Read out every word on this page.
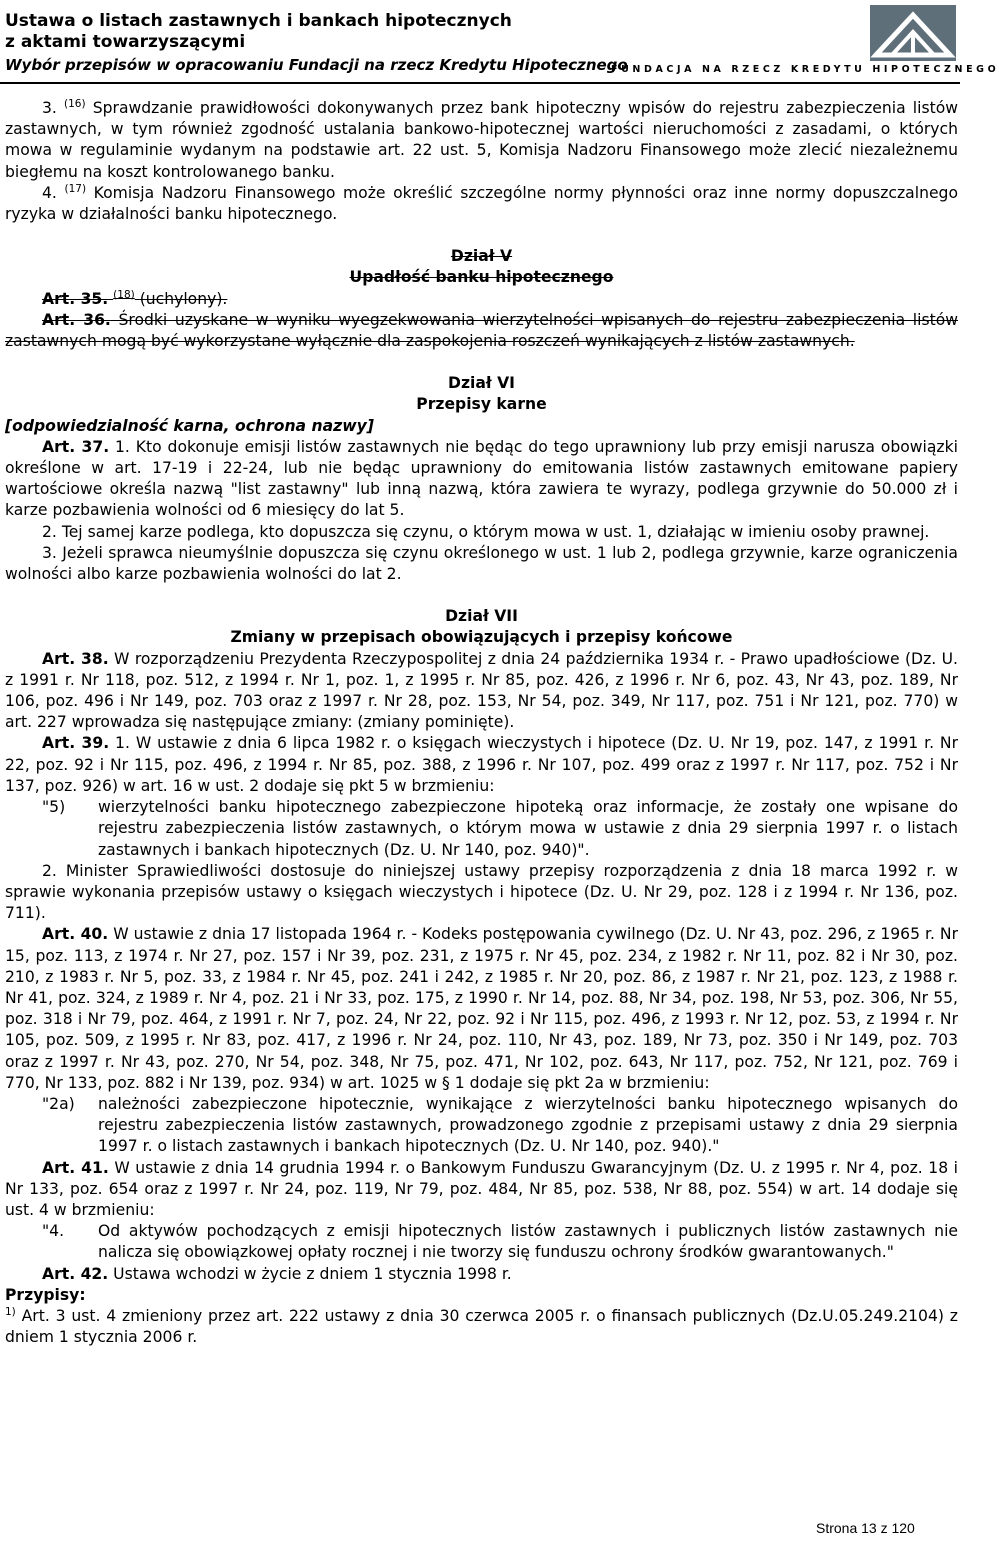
Ustawa o listach zastawnych i bankach hipotecznych
z aktami towarzyszącymi
Wybór przepisów w opracowaniu Fundacji na rzecz Kredytu Hipotecznego
FUNDACJA NA RZECZ KREDYTU HIPOTECZNEGO

3. $^{(16)}$ Sprawdzanie prawidłowości dokonywanych przez bank hipoteczny wpisów do rejestru zabezpieczenia listów zastawnych, w tym również zgodność ustalania bankowo-hipotecznej wartości nieruchomości z zasadami, o których mowa w regulaminie wydanym na podstawie art. 22 ust. 5, Komisja Nadzoru Finansowego może zlecić niezależnemu biegłemu na koszt kontrolowanego banku.

4. $^{(17)}$ Komisja Nadzoru Finansowego może określić szczególne normy płynności oraz inne normy dopuszczalnego ryzyka w działalności banku hipotecznego.

Dział V

Upadłość banku hipotecznego

Art. 35. $^{(18)}$ (uchylony).

Art. 36. Środki uzyskane w wyniku wyegzekwowania wierzytelności wpisanych do rejestru zabezpieczenia listów zastawnych mogą być wykorzystane wyłącznie dla zaspokojenia roszczeń wynikających z listów zastawnych.

Dział VI

Przepisy karne

[odpowiedzialność karna, ochrona nazwy]

Art. 37. 1. Kto dokonuje emisji listów zastawnych nie będąc do tego uprawniony lub przy emisji narusza obowiązki określone w art. 17-19 i 22-24, lub nie będąc uprawniony do emitowania listów zastawnych emitowane papiery wartościowe określa nazwą "list zastawny" lub inną nazwą, która zawiera te wyrazy, podlega grzywnie do 50.000 zł i karze pozbawienia wolności od 6 miesięcy do lat 5.

2. Tej samej karze podlega, kto dopuszcza się czynu, o którym mowa w ust. 1, działając w imieniu osoby prawnej.

3. Jeżeli sprawca nieumyślnie dopuszcza się czynu określonego w ust. 1 lub 2, podlega grzywnie, karze ograniczenia wolności albo karze pozbawienia wolności do lat 2.

Dział VII

Zmiany w przepisach obowiązujących i przepisy końcowe

Art. 38. W rozporządzeniu Prezydenta Rzeczypospolitej z dnia 24 października 1934 r. - Prawo upadłościowe (Dz. U. z 1991 r. Nr 118, poz. 512, z 1994 r. Nr 1, poz. 1, z 1995 r. Nr 85, poz. 426, z 1996 r. Nr 6, poz. 43, Nr 43, poz. 189, Nr 106, poz. 496 i Nr 149, poz. 703 oraz z 1997 r. Nr 28, poz. 153, Nr 54, poz. 349, Nr 117, poz. 751 i Nr 121, poz. 770) w art. 227 wprowadza się następujące zmiany: (zmiany pominięte).

Art. 39. 1. W ustawie z dnia 6 lipca 1982 r. o księgach wieczystych i hipotece (Dz. U. Nr 19, poz. 147, z 1991 r. Nr 22, poz. 92 i Nr 115, poz. 496, z 1994 r. Nr 85, poz. 388, z 1996 r. Nr 107, poz. 499 oraz z 1997 r. Nr 117, poz. 752 i Nr 137, poz. 926) w art. 16 w ust. 2 dodaje się pkt 5 w brzmieniu:

"5)	wierzytelności banku hipotecznego zabezpieczone hipoteką oraz informacje, że zostały one wpisane do rejestru zabezpieczenia listów zastawnych, o którym mowa w ustawie z dnia 29 sierpnia 1997 r. o listach zastawnych i bankach hipotecznych (Dz. U. Nr 140, poz. 940)".

2. Minister Sprawiedliwości dostosuje do niniejszej ustawy przepisy rozporządzenia z dnia 18 marca 1992 r. w sprawie wykonania przepisów ustawy o księgach wieczystych i hipotece (Dz. U. Nr 29, poz. 128 i z 1994 r. Nr 136, poz. 711).

Art. 40. W ustawie z dnia 17 listopada 1964 r. - Kodeks postępowania cywilnego (Dz. U. Nr 43, poz. 296, z 1965 r. Nr 15, poz. 113, z 1974 r. Nr 27, poz. 157 i Nr 39, poz. 231, z 1975 r. Nr 45, poz. 234, z 1982 r. Nr 11, poz. 82 i Nr 30, poz. 210, z 1983 r. Nr 5, poz. 33, z 1984 r. Nr 45, poz. 241 i 242, z 1985 r. Nr 20, poz. 86, z 1987 r. Nr 21, poz. 123, z 1988 r. Nr 41, poz. 324, z 1989 r. Nr 4, poz. 21 i Nr 33, poz. 175, z 1990 r. Nr 14, poz. 88, Nr 34, poz. 198, Nr 53, poz. 306, Nr 55, poz. 318 i Nr 79, poz. 464, z 1991 r. Nr 7, poz. 24, Nr 22, poz. 92 i Nr 115, poz. 496, z 1993 r. Nr 12, poz. 53, z 1994 r. Nr 105, poz. 509, z 1995 r. Nr 83, poz. 417, z 1996 r. Nr 24, poz. 110, Nr 43, poz. 189, Nr 73, poz. 350 i Nr 149, poz. 703 oraz z 1997 r. Nr 43, poz. 270, Nr 54, poz. 348, Nr 75, poz. 471, Nr 102, poz. 643, Nr 117, poz. 752, Nr 121, poz. 769 i 770, Nr 133, poz. 882 i Nr 139, poz. 934) w art. 1025 w § 1 dodaje się pkt 2a w brzmieniu:

"2a)	należności zabezpieczone hipotecznie, wynikające z wierzytelności banku hipotecznego wpisanych do rejestru zabezpieczenia listów zastawnych, prowadzonego zgodnie z przepisami ustawy z dnia 29 sierpnia 1997 r. o listach zastawnych i bankach hipotecznych (Dz. U. Nr 140, poz. 940)."

Art. 41. W ustawie z dnia 14 grudnia 1994 r. o Bankowym Funduszu Gwarancyjnym (Dz. U. z 1995 r. Nr 4, poz. 18 i Nr 133, poz. 654 oraz z 1997 r. Nr 24, poz. 119, Nr 79, poz. 484, Nr 85, poz. 538, Nr 88, poz. 554) w art. 14 dodaje się ust. 4 w brzmieniu:

"4.	Od aktywów pochodzących z emisji hipotecznych listów zastawnych i publicznych listów zastawnych nie nalicza się obowiązkowej opłaty rocznej i nie tworzy się funduszu ochrony środków gwarantowanych."

Art. 42. Ustawa wchodzi w życie z dniem 1 stycznia 1998 r.

Przypisy:

$^{1)}$ Art. 3 ust. 4 zmieniony przez art. 222 ustawy z dnia 30 czerwca 2005 r. o finansach publicznych (Dz.U.05.249.2104) z dniem 1 stycznia 2006 r.

Strona 13 z 120
